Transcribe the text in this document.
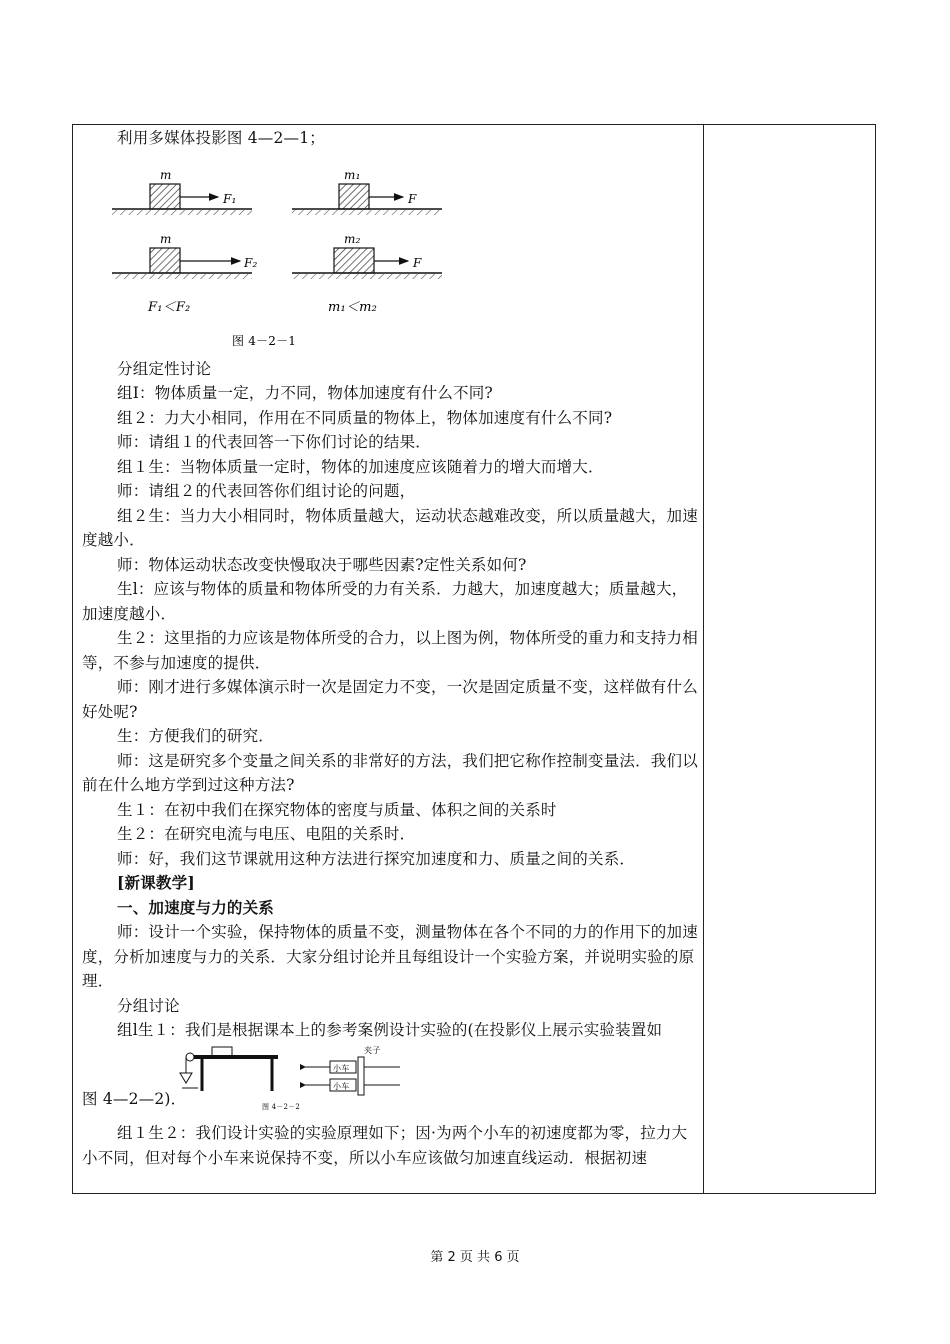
利用多媒体投影图 4—2—1；

m
F₁
m₁
F
m
F₂
m₂
F
F₁＜F₂	m₁＜m₂
图 4－2－1

分组定性讨论

组Ⅰ：物体质量一定，力不同，物体加速度有什么不同?

组２：力大小相同，作用在不同质量的物体上，物体加速度有什么不同?

师：请组１的代表回答一下你们讨论的结果．

组１生：当物体质量一定时，物体的加速度应该随着力的增大而增大．

师：请组２的代表回答你们组讨论的问题，

组２生：当力大小相同时，物体质量越大，运动状态越难改变，所以质量越大，加速度越小．

师：物体运动状态改变快慢取决于哪些因素?定性关系如何?

生l：应该与物体的质量和物体所受的力有关系．力越大，加速度越大；质量越大，加速度越小．

生２：这里指的力应该是物体所受的合力，以上图为例，物体所受的重力和支持力相等，不参与加速度的提供．

师：刚才进行多媒体演示时一次是固定力不变，一次是固定质量不变，这样做有什么好处呢?

生：方便我们的研究．

师：这是研究多个变量之间关系的非常好的方法，我们把它称作控制变量法．我们以前在什么地方学到过这种方法?

生１：在初中我们在探究物体的密度与质量、体积之间的关系时

生２：在研究电流与电压、电阻的关系时．

师：好，我们这节课就用这种方法进行探究加速度和力、质量之间的关系．

[新课教学]

一、加速度与力的关系

师：设计一个实验，保持物体的质量不变，测量物体在各个不同的力的作用下的加速度，分析加速度与力的关系．大家分组讨论并且每组设计一个实验方案，并说明实验的原理．

分组讨论

组l生１：我们是根据课本上的参考案例设计实验的(在投影仪上展示实验装置如

小车
小车
夹子
图 4－2－2

图 4—2—2)．

组１生２：我们设计实验的实验原理如下；因·为两个小车的初速度都为零，拉力大小不同，但对每个小车来说保持不变，所以小车应该做匀加速直线运动．根据初速

第 2 页 共 6 页
